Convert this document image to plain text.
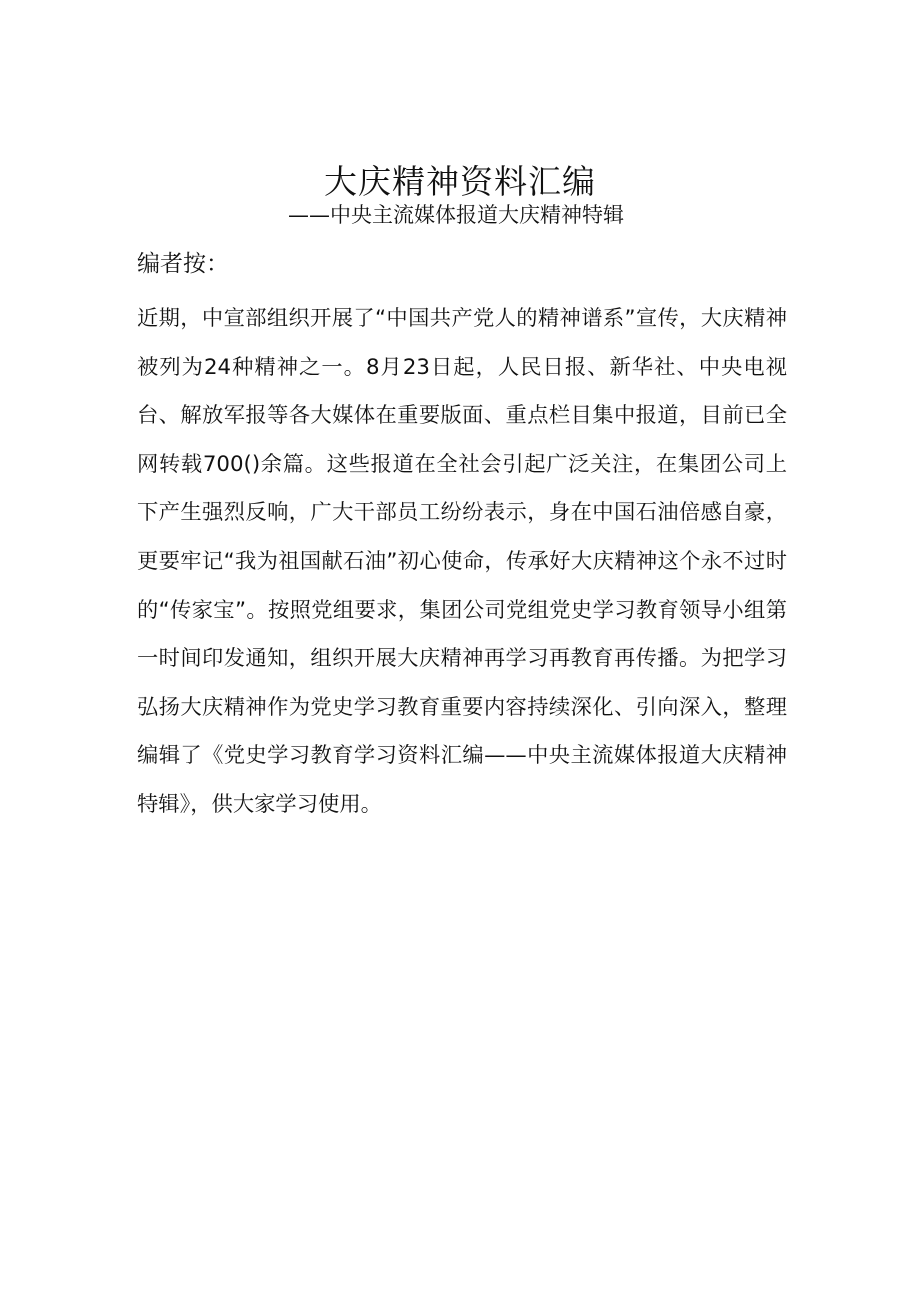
大庆精神资料汇编
——中央主流媒体报道大庆精神特辑
编者按：

近期，中宣部组织开展了“中国共产党人的精神谱系”宣传，大庆精神被列为24种精神之一。8月23日起，人民日报、新华社、中央电视台、解放军报等各大媒体在重要版面、重点栏目集中报道，目前已全网转载700()余篇。这些报道在全社会引起广泛关注，在集团公司上下产生强烈反响，广大干部员工纷纷表示，身在中国石油倍感自豪，更要牢记“我为祖国献石油”初心使命，传承好大庆精神这个永不过时的“传家宝”。按照党组要求，集团公司党组党史学习教育领导小组第一时间印发通知，组织开展大庆精神再学习再教育再传播。为把学习弘扬大庆精神作为党史学习教育重要内容持续深化、引向深入，整理编辑了《党史学习教育学习资料汇编——中央主流媒体报道大庆精神特辑》，供大家学习使用。
